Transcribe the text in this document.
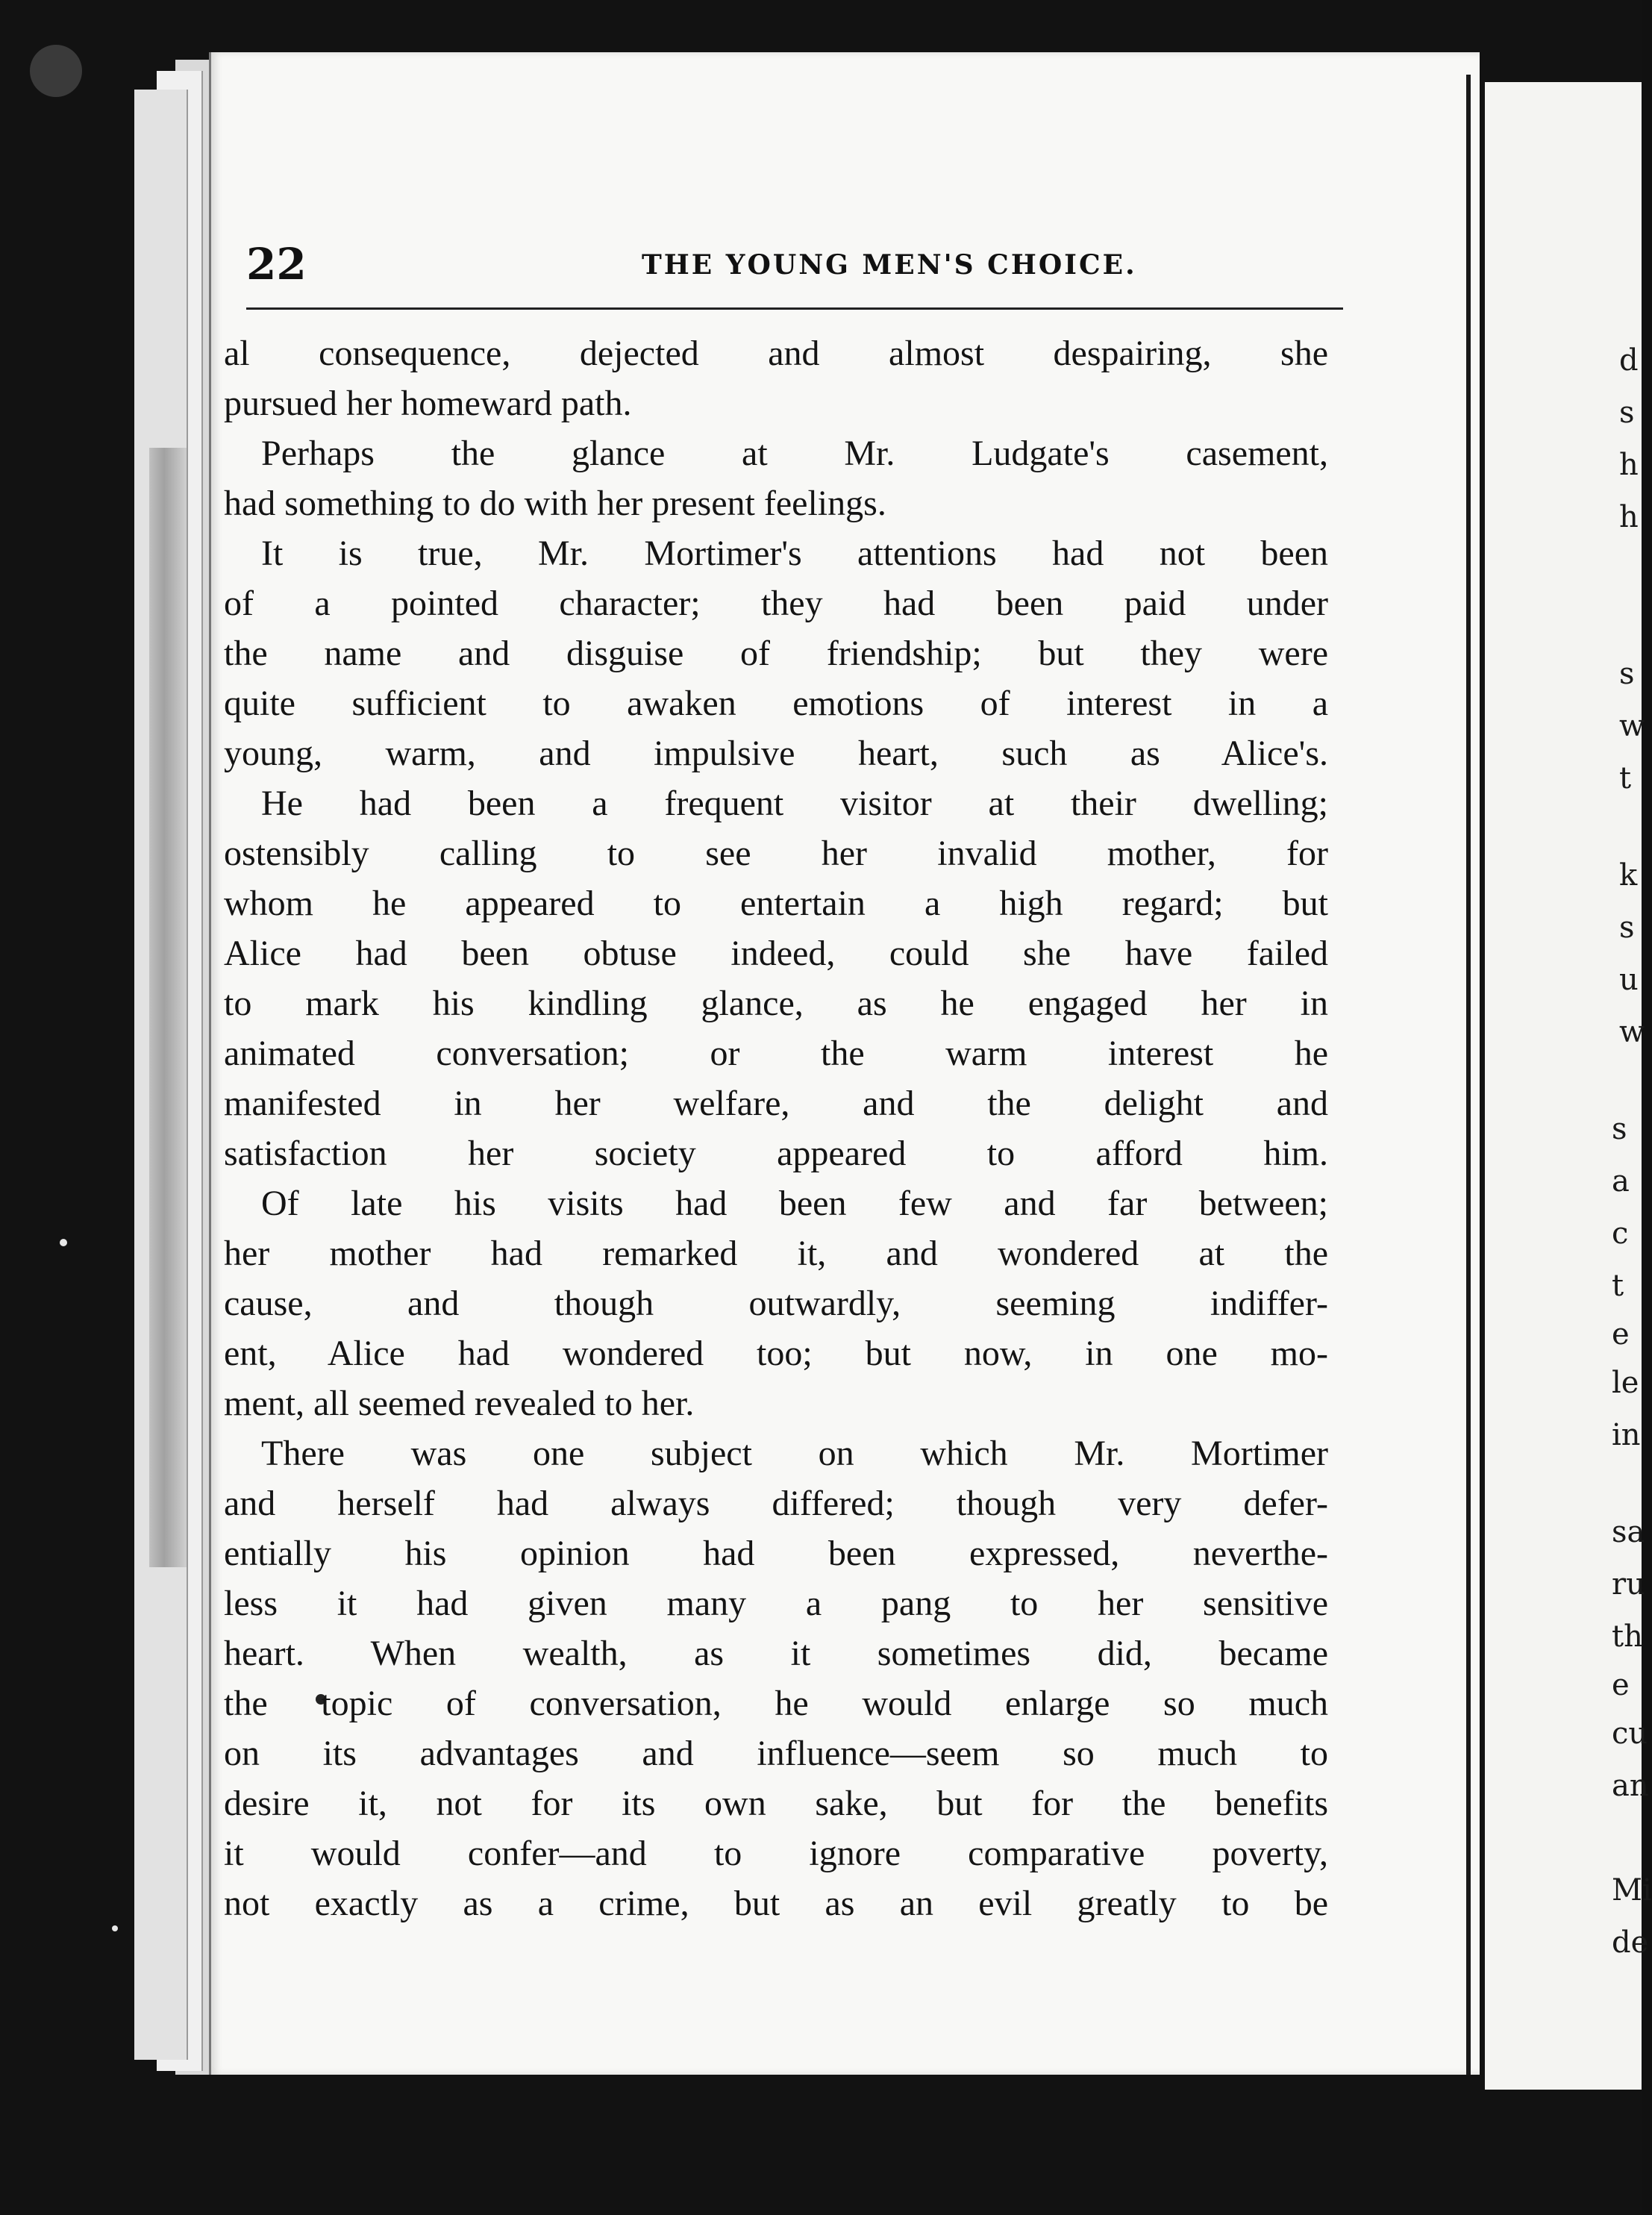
22	THE YOUNG MEN'S CHOICE.

al consequence, dejected and almost despairing, she

pursued her homeward path.

Perhaps the glance at Mr. Ludgate's casement,

had something to do with her present feelings.

It is true, Mr. Mortimer's attentions had not been

of a pointed character; they had been paid under

the name and disguise of friendship; but they were

quite sufficient to awaken emotions of interest in a

young, warm, and impulsive heart, such as Alice's.

He had been a frequent visitor at their dwelling;

ostensibly calling to see her invalid mother, for

whom he appeared to entertain a high regard; but

Alice had been obtuse indeed, could she have failed

to mark his kindling glance, as he engaged her in

animated conversation; or the warm interest he

manifested in her welfare, and the delight and

satisfaction her society appeared to afford him.

Of late his visits had been few and far between;

her mother had remarked it, and wondered at the

cause, and though outwardly, seeming indiffer-

ent, Alice had wondered too; but now, in one mo-

ment, all seemed revealed to her.

There was one subject on which Mr. Mortimer

and herself had always differed; though very defer-

entially his opinion had been expressed, neverthe-

less it had given many a pang to her sensitive

heart. When wealth, as it sometimes did, became

the topic of conversation, he would enlarge so much

on its advantages and influence—seem so much to

desire it, not for its own sake, but for the benefits

it would confer—and to ignore comparative poverty,

not exactly as a crime, but as an evil greatly to be

d

s

h

h

s

w

t

k

s

u

w

s

a

c

t

e

le

in

sa

ru

th

e

cu

an

Mi

de
